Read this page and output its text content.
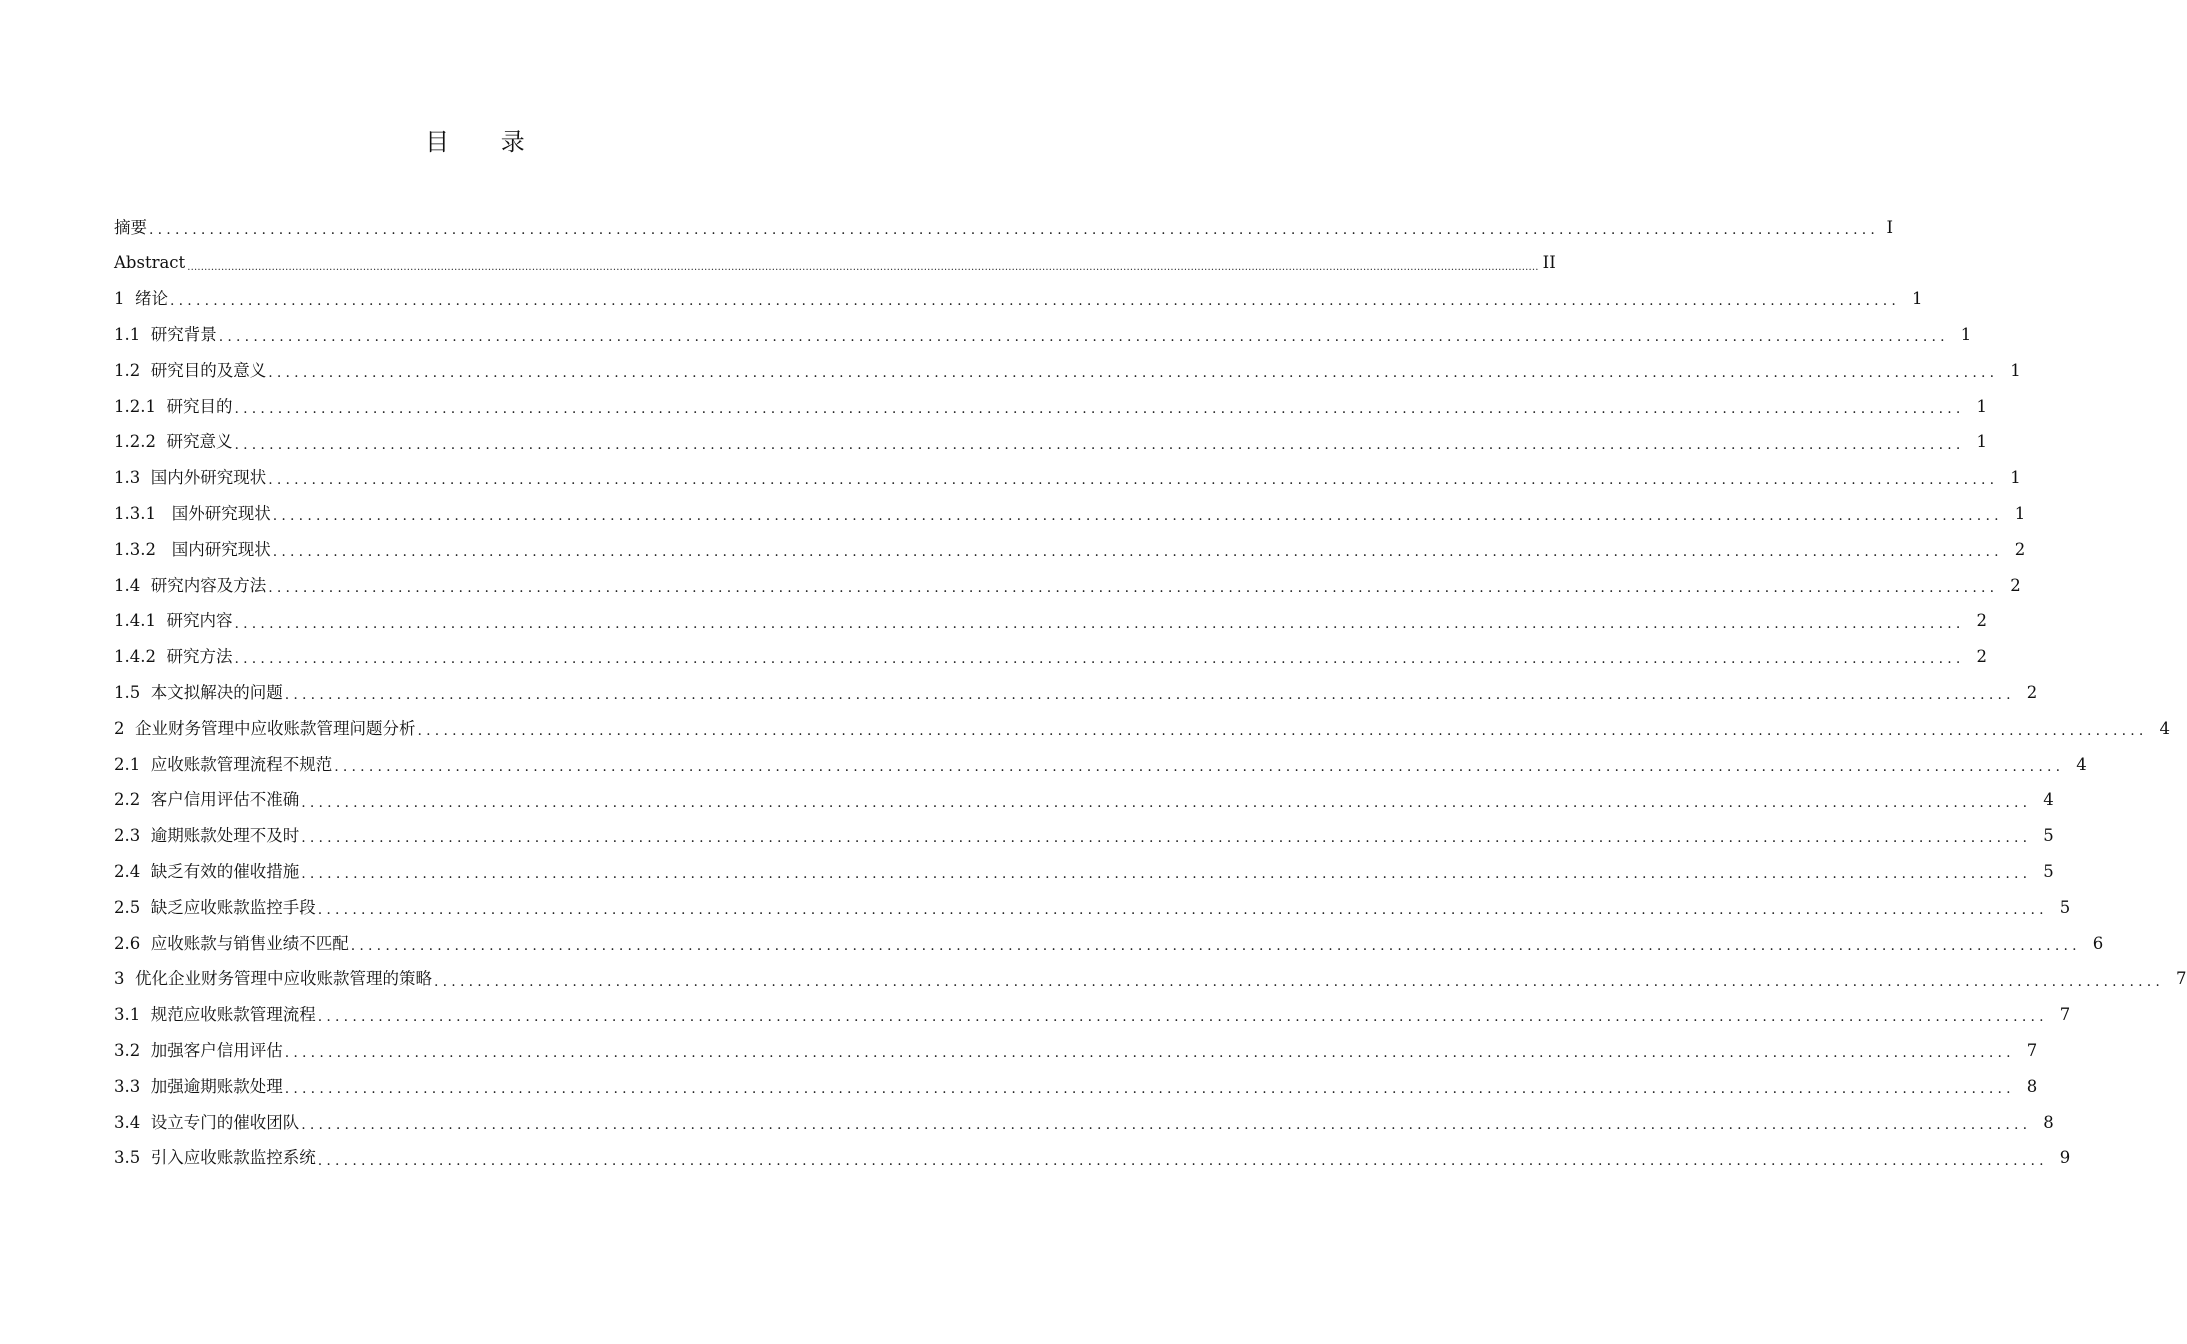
目 录
摘要 ........................................................................................................................................................................................................ I
Abstract ................................................................................................................................................................................................................................................................................................................................................................................................................ II
1  绪论 ........................................................................................................................................................................................................ 1
1.1  研究背景 ........................................................................................................................................................................................................ 1
1.2  研究目的及意义 ........................................................................................................................................................................................................ 1
1.2.1  研究目的 ........................................................................................................................................................................................................ 1
1.2.2  研究意义 ........................................................................................................................................................................................................ 1
1.3  国内外研究现状 ........................................................................................................................................................................................................ 1
1.3.1   国外研究现状 ........................................................................................................................................................................................................ 1
1.3.2   国内研究现状 ........................................................................................................................................................................................................ 2
1.4  研究内容及方法 ........................................................................................................................................................................................................ 2
1.4.1  研究内容 ........................................................................................................................................................................................................ 2
1.4.2  研究方法 ........................................................................................................................................................................................................ 2
1.5  本文拟解决的问题 ........................................................................................................................................................................................................ 2
2  企业财务管理中应收账款管理问题分析 ........................................................................................................................................................................................................ 4
2.1  应收账款管理流程不规范 ........................................................................................................................................................................................................ 4
2.2  客户信用评估不准确 ........................................................................................................................................................................................................ 4
2.3  逾期账款处理不及时 ........................................................................................................................................................................................................ 5
2.4  缺乏有效的催收措施 ........................................................................................................................................................................................................ 5
2.5  缺乏应收账款监控手段 ........................................................................................................................................................................................................ 5
2.6  应收账款与销售业绩不匹配 ........................................................................................................................................................................................................ 6
3  优化企业财务管理中应收账款管理的策略 ........................................................................................................................................................................................................ 7
3.1  规范应收账款管理流程 ........................................................................................................................................................................................................ 7
3.2  加强客户信用评估 ........................................................................................................................................................................................................ 7
3.3  加强逾期账款处理 ........................................................................................................................................................................................................ 8
3.4  设立专门的催收团队 ........................................................................................................................................................................................................ 8
3.5  引入应收账款监控系统 ........................................................................................................................................................................................................ 9
